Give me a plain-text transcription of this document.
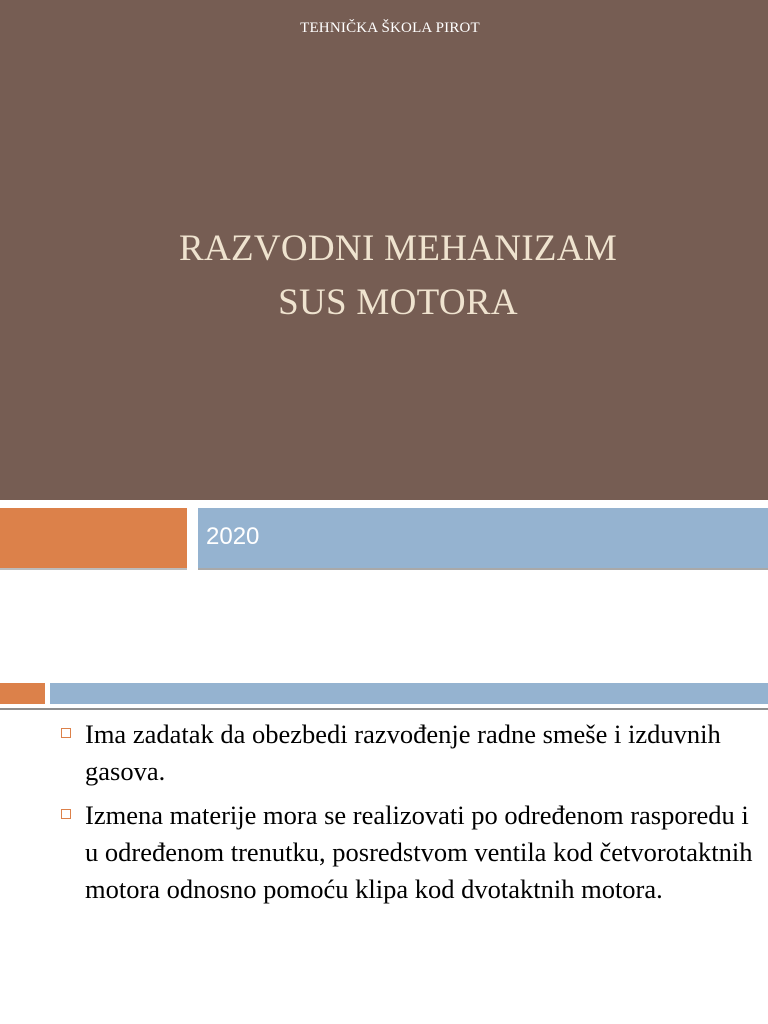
TEHNIČKA ŠKOLA PIROT
RAZVODNI MEHANIZAM
SUS MOTORA
2020
Ima zadatak da obezbedi razvođenje radne smeše i izduvnih gasova.
Izmena materije mora se realizovati po određenom rasporedu i u određenom trenutku, posredstvom ventila kod četvorotaktnih motora odnosno pomoću klipa kod dvotaktnih motora.
